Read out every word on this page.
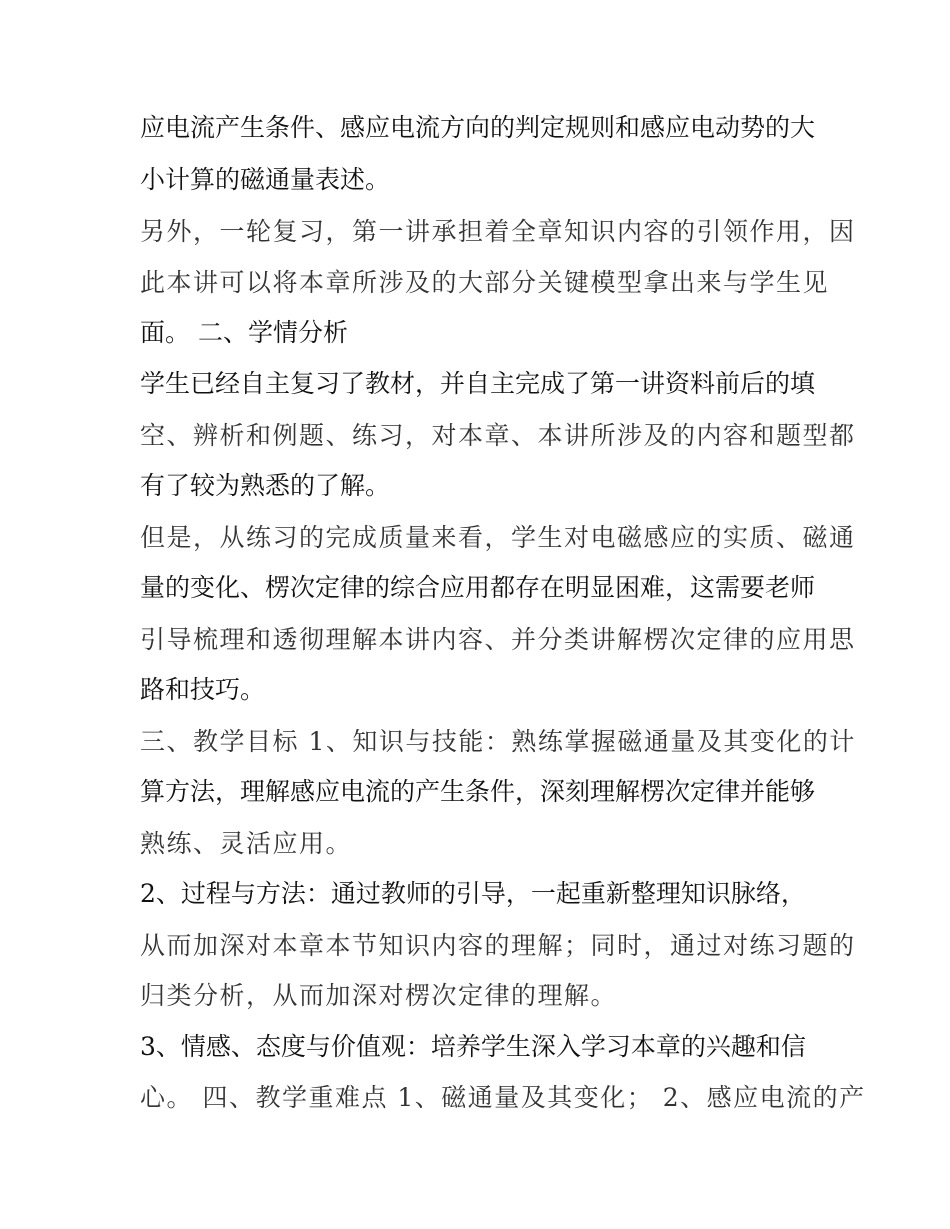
应电流产生条件、感应电流方向的判定规则和感应电动势的大
小计算的磁通量表述。
另外，一轮复习，第一讲承担着全章知识内容的引领作用，因
此本讲可以将本章所涉及的大部分关键模型拿出来与学生见
面。 二、学情分析
学生已经自主复习了教材，并自主完成了第一讲资料前后的填
空、辨析和例题、练习，对本章、本讲所涉及的内容和题型都
有了较为熟悉的了解。
但是，从练习的完成质量来看，学生对电磁感应的实质、磁通
量的变化、楞次定律的综合应用都存在明显困难，这需要老师
引导梳理和透彻理解本讲内容、并分类讲解楞次定律的应用思
路和技巧。
三、教学目标 1、知识与技能：熟练掌握磁通量及其变化的计
算方法，理解感应电流的产生条件，深刻理解楞次定律并能够
熟练、灵活应用。
2、过程与方法：通过教师的引导，一起重新整理知识脉络，
从而加深对本章本节知识内容的理解；同时，通过对练习题的
归类分析，从而加深对楞次定律的理解。
3、情感、态度与价值观：培养学生深入学习本章的兴趣和信
心。 四、教学重难点 1、磁通量及其变化； 2、感应电流的产
